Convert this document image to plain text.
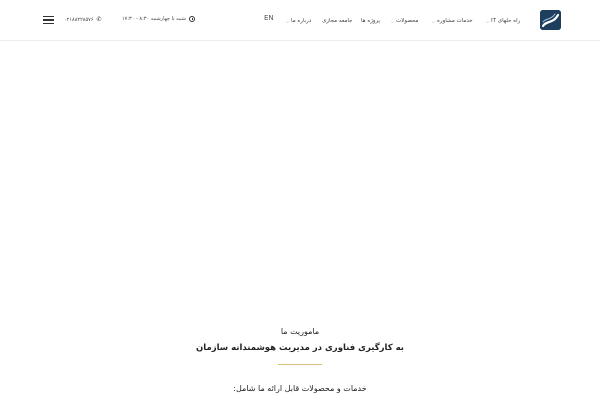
راه حلهای IT
⌵
خدمات مشاوره
⌵
محصولات
⌵
پروژه ها
جامعه مجازی
درباره ما
⌵
EN
شنبه تا چهارشنبه ۸:۳۰ - ۱۷:۳۰
۰۲۱۸۸۲۲۸۵۷۶ ✆
ماموریت ما
به کارگیری فناوری در مدیریت هوشمندانه سازمان
خدمات و محصولات قابل ارائه ما شامل:
